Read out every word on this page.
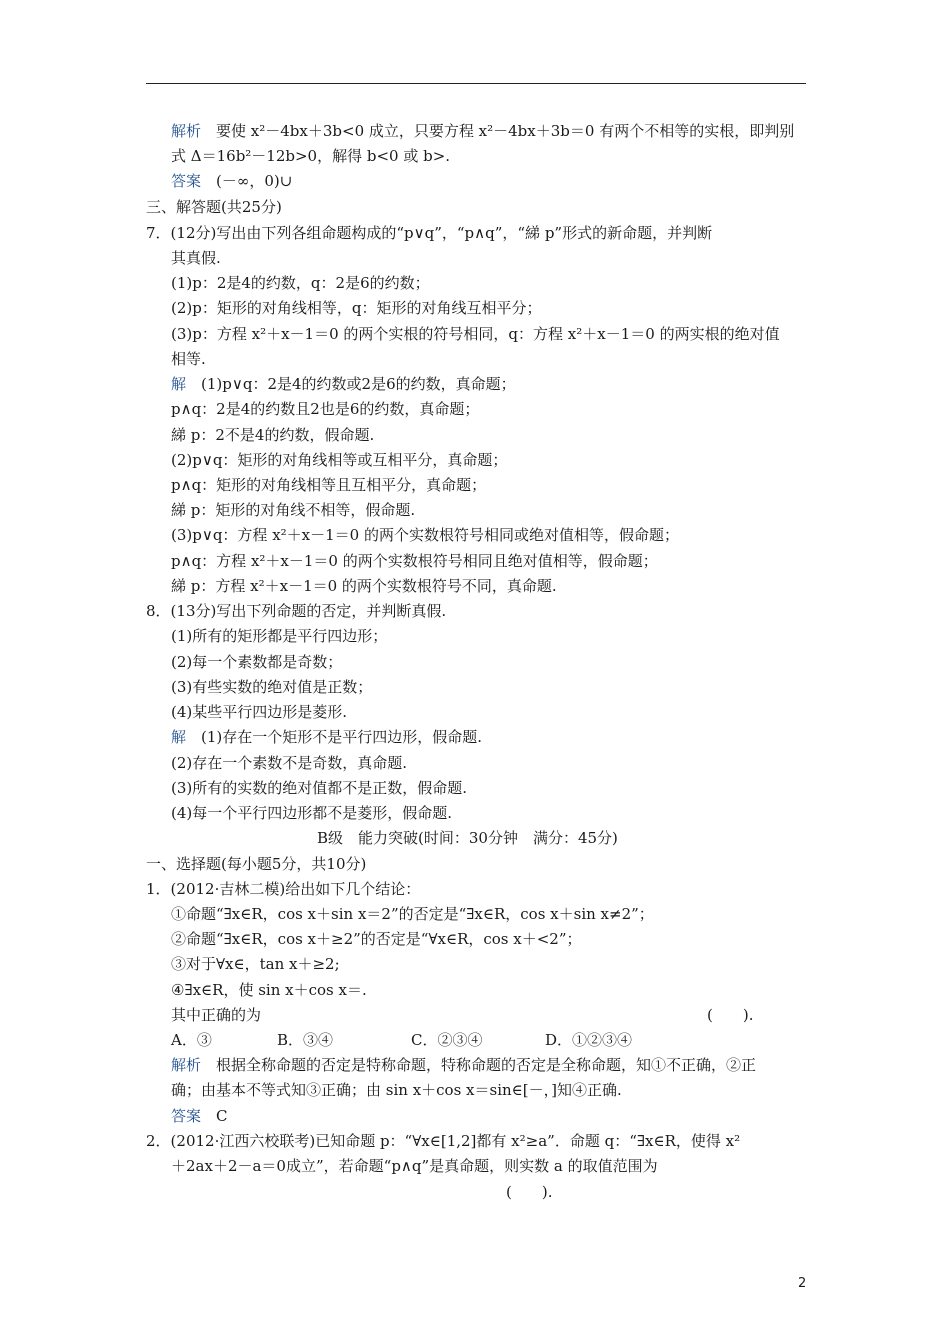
解析　要使 x²－4bx＋3b<0 成立，只要方程 x²－4bx＋3b＝0 有两个不相等的实根，即判别
式 Δ＝16b²－12b>0，解得 b<0 或 b>.
答案　(－∞，0)∪
三、解答题(共25分)
7．(12分)写出由下列各组命题构成的“p∨q”，“p∧q”，“綈 p”形式的新命题，并判断
其真假.
(1)p：2是4的约数，q：2是6的约数；
(2)p：矩形的对角线相等，q：矩形的对角线互相平分；
(3)p：方程 x²＋x－1＝0 的两个实根的符号相同，q：方程 x²＋x－1＝0 的两实根的绝对值
相等.
解　(1)p∨q：2是4的约数或2是6的约数，真命题；
p∧q：2是4的约数且2也是6的约数，真命题；
綈 p：2不是4的约数，假命题.
(2)p∨q：矩形的对角线相等或互相平分，真命题；
p∧q：矩形的对角线相等且互相平分，真命题；
綈 p：矩形的对角线不相等，假命题.
(3)p∨q：方程 x²＋x－1＝0 的两个实数根符号相同或绝对值相等，假命题；
p∧q：方程 x²＋x－1＝0 的两个实数根符号相同且绝对值相等，假命题；
綈 p：方程 x²＋x－1＝0 的两个实数根符号不同，真命题.
8．(13分)写出下列命题的否定，并判断真假.
(1)所有的矩形都是平行四边形；
(2)每一个素数都是奇数；
(3)有些实数的绝对值是正数；
(4)某些平行四边形是菱形.
解　(1)存在一个矩形不是平行四边形，假命题.
(2)存在一个素数不是奇数，真命题.
(3)所有的实数的绝对值都不是正数，假命题.
(4)每一个平行四边形都不是菱形，假命题.
B级　能力突破(时间：30分钟　满分：45分)
一、选择题(每小题5分，共10分)
1．(2012·吉林二模)给出如下几个结论：
①命题“∃x∈R，cos x＋sin x＝2”的否定是“∃x∈R，cos x＋sin x≠2”；
②命题“∃x∈R，cos x＋≥2”的否定是“∀x∈R，cos x＋<2”；
③对于∀x∈，tan x＋≥2;
④∃x∈R，使 sin x＋cos x＝.
其中正确的为	(　　).
A．③	B．③④	C．②③④	D．①②③④
解析　根据全称命题的否定是特称命题，特称命题的否定是全称命题，知①不正确，②正
确；由基本不等式知③正确；由 sin x＋cos x＝sin∈[－，]知④正确.
答案　C
2．(2012·江西六校联考)已知命题 p：“∀x∈[1,2]都有 x²≥a”．命题 q：“∃x∈R，使得 x²
＋2ax＋2－a＝0成立”，若命题“p∧q”是真命题，则实数 a 的取值范围为
(　　).
2
